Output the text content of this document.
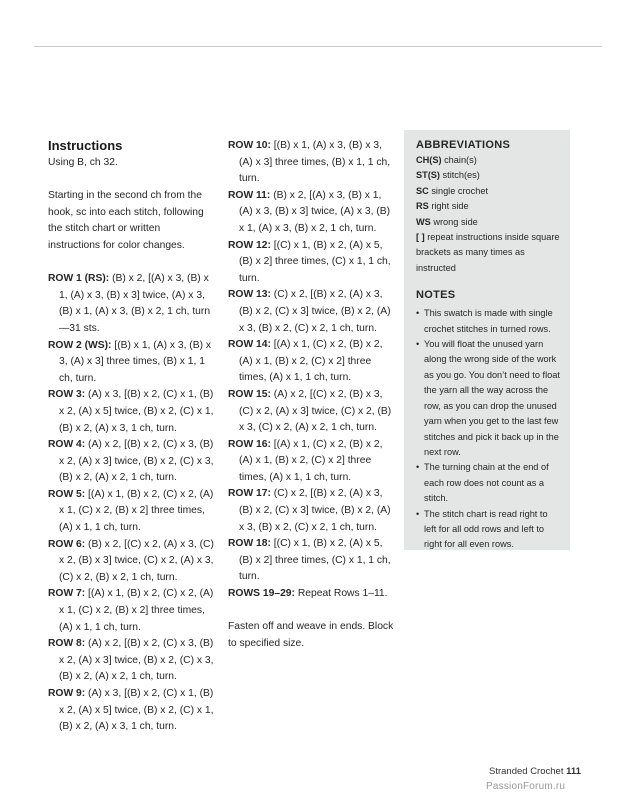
Instructions

Using B, ch 32.

Starting in the second ch from the hook, sc into each stitch, following the stitch chart or written instructions for color changes.

ROW 1 (RS): (B) x 2, [(A) x 3, (B) x 1, (A) x 3, (B) x 3] twice, (A) x 3, (B) x 1, (A) x 3, (B) x 2, 1 ch, turn—31 sts.

ROW 2 (WS): [(B) x 1, (A) x 3, (B) x 3, (A) x 3] three times, (B) x 1, 1 ch, turn.

ROW 3: (A) x 3, [(B) x 2, (C) x 1, (B) x 2, (A) x 5] twice, (B) x 2, (C) x 1, (B) x 2, (A) x 3, 1 ch, turn.

ROW 4: (A) x 2, [(B) x 2, (C) x 3, (B) x 2, (A) x 3] twice, (B) x 2, (C) x 3, (B) x 2, (A) x 2, 1 ch, turn.

ROW 5: [(A) x 1, (B) x 2, (C) x 2, (A) x 1, (C) x 2, (B) x 2] three times, (A) x 1, 1 ch, turn.

ROW 6: (B) x 2, [(C) x 2, (A) x 3, (C) x 2, (B) x 3] twice, (C) x 2, (A) x 3, (C) x 2, (B) x 2, 1 ch, turn.

ROW 7: [(A) x 1, (B) x 2, (C) x 2, (A) x 1, (C) x 2, (B) x 2] three times, (A) x 1, 1 ch, turn.

ROW 8: (A) x 2, [(B) x 2, (C) x 3, (B) x 2, (A) x 3] twice, (B) x 2, (C) x 3, (B) x 2, (A) x 2, 1 ch, turn.

ROW 9: (A) x 3, [(B) x 2, (C) x 1, (B) x 2, (A) x 5] twice, (B) x 2, (C) x 1, (B) x 2, (A) x 3, 1 ch, turn.

ROW 10: [(B) x 1, (A) x 3, (B) x 3, (A) x 3] three times, (B) x 1, 1 ch, turn.

ROW 11: (B) x 2, [(A) x 3, (B) x 1, (A) x 3, (B) x 3] twice, (A) x 3, (B) x 1, (A) x 3, (B) x 2, 1 ch, turn.

ROW 12: [(C) x 1, (B) x 2, (A) x 5, (B) x 2] three times, (C) x 1, 1 ch, turn.

ROW 13: (C) x 2, [(B) x 2, (A) x 3, (B) x 2, (C) x 3] twice, (B) x 2, (A) x 3, (B) x 2, (C) x 2, 1 ch, turn.

ROW 14: [(A) x 1, (C) x 2, (B) x 2, (A) x 1, (B) x 2, (C) x 2] three times, (A) x 1, 1 ch, turn.

ROW 15: (A) x 2, [(C) x 2, (B) x 3, (C) x 2, (A) x 3] twice, (C) x 2, (B) x 3, (C) x 2, (A) x 2, 1 ch, turn.

ROW 16: [(A) x 1, (C) x 2, (B) x 2, (A) x 1, (B) x 2, (C) x 2] three times, (A) x 1, 1 ch, turn.

ROW 17: (C) x 2, [(B) x 2, (A) x 3, (B) x 2, (C) x 3] twice, (B) x 2, (A) x 3, (B) x 2, (C) x 2, 1 ch, turn.

ROW 18: [(C) x 1, (B) x 2, (A) x 5, (B) x 2] three times, (C) x 1, 1 ch, turn.

ROWS 19–29: Repeat Rows 1–11.

Fasten off and weave in ends. Block to specified size.

ABBREVIATIONS

CH(S) chain(s)

ST(S) stitch(es)

SC single crochet

RS right side

WS wrong side

[ ] repeat instructions inside square brackets as many times as instructed

NOTES
• This swatch is made with single crochet stitches in turned rows.
• You will float the unused yarn along the wrong side of the work as you go. You don’t need to float the yarn all the way across the row, as you can drop the unused yarn when you get to the last few stitches and pick it back up in the next row.
• The turning chain at the end of each row does not count as a stitch.
• The stitch chart is read right to left for all odd rows and left to right for all even rows.
Stranded Crochet 111
PassionForum.ru
